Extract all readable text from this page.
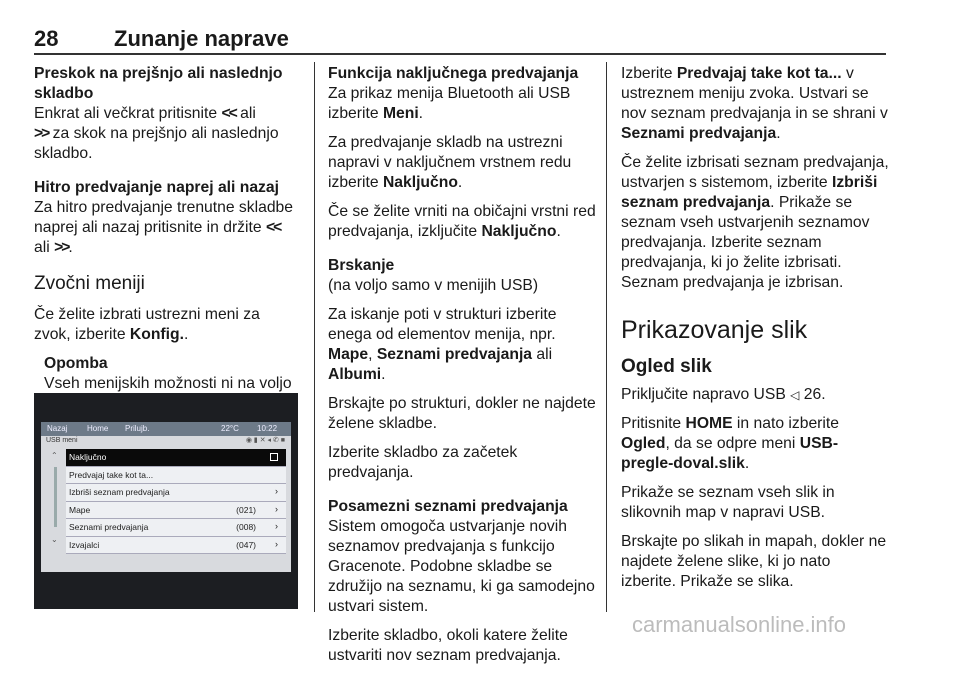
28	Zunanje naprave

Preskok na prejšnjo ali naslednjo skladbo

Enkrat ali večkrat pritisnite << ali
>> za skok na prejšnjo ali naslednjo skladbo.

Hitro predvajanje naprej ali nazaj

Za hitro predvajanje trenutne skladbe naprej ali nazaj pritisnite in držite << ali >>.

Zvočni meniji

Če želite izbrati ustrezni meni za zvok, izberite Konfig..

Opomba

Vseh menijskih možnosti ni na voljo

Nazaj Home Prilujb.	22°C 10:22
USB meni	◉ ▮ ✕ ◂ ✆ ■
⌃
⌄
Naključno
Predvajaj take kot ta...
Izbriši seznam predvajanja	›
Mape	(021) ›
Seznami predvajanja	(008) ›
Izvajalci	(047) ›

Funkcija naključnega predvajanja

Za prikaz menija Bluetooth ali USB izberite Meni.

Za predvajanje skladb na ustrezni napravi v naključnem vrstnem redu izberite Naključno.

Če se želite vrniti na običajni vrstni red predvajanja, izključite Naključno.

Brskanje

(na voljo samo v menijih USB)

Za iskanje poti v strukturi izberite enega od elementov menija, npr. Mape, Seznami predvajanja ali Albumi.

Brskajte po strukturi, dokler ne najdete želene skladbe.

Izberite skladbo za začetek predvajanja.

Posamezni seznami predvajanja

Sistem omogoča ustvarjanje novih seznamov predvajanja s funkcijo Gracenote. Podobne skladbe se združijo na seznamu, ki ga samodejno ustvari sistem.

Izberite skladbo, okoli katere želite ustvariti nov seznam predvajanja.

Izberite Predvajaj take kot ta... v ustreznem meniju zvoka. Ustvari se nov seznam predvajanja in se shrani v Seznami predvajanja.

Če želite izbrisati seznam predvajanja, ustvarjen s sistemom, izberite Izbriši seznam predvajanja. Prikaže se seznam vseh ustvarjenih seznamov predvajanja. Izberite seznam predvajanja, ki jo želite izbrisati. Seznam predvajanja je izbrisan.

Prikazovanje slik
Ogled slik

Priključite napravo USB ◁ 26.

Pritisnite HOME in nato izberite Ogled, da se odpre meni USB-pregle-doval.slik.

Prikaže se seznam vseh slik in slikovnih map v napravi USB.

Brskajte po slikah in mapah, dokler ne najdete želene slike, ki jo nato izberite. Prikaže se slika.

carmanualsonline.info
